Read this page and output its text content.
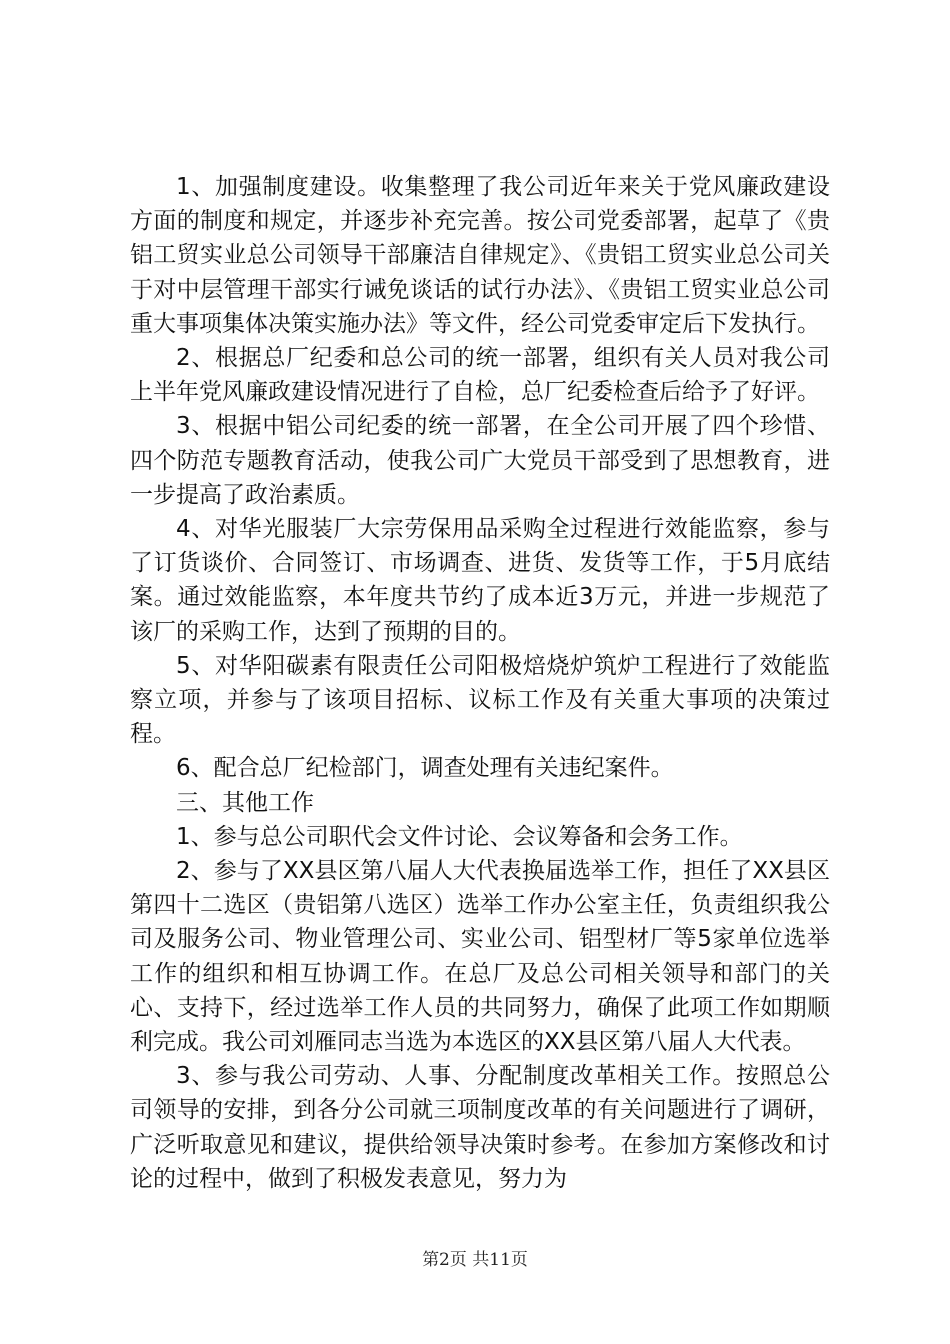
1、加强制度建设。收集整理了我公司近年来关于党风廉政建设方面的制度和规定，并逐步补充完善。按公司党委部署，起草了《贵铝工贸实业总公司领导干部廉洁自律规定》、《贵铝工贸实业总公司关于对中层管理干部实行诫免谈话的试行办法》、《贵铝工贸实业总公司重大事项集体决策实施办法》等文件，经公司党委审定后下发执行。

2、根据总厂纪委和总公司的统一部署，组织有关人员对我公司上半年党风廉政建设情况进行了自检，总厂纪委检查后给予了好评。

3、根据中铝公司纪委的统一部署，在全公司开展了四个珍惜、四个防范专题教育活动，使我公司广大党员干部受到了思想教育，进一步提高了政治素质。

4、对华光服装厂大宗劳保用品采购全过程进行效能监察，参与了订货谈价、合同签订、市场调查、进货、发货等工作，于5月底结案。通过效能监察，本年度共节约了成本近3万元，并进一步规范了该厂的采购工作，达到了预期的目的。

5、对华阳碳素有限责任公司阳极焙烧炉筑炉工程进行了效能监察立项，并参与了该项目招标、议标工作及有关重大事项的决策过程。

6、配合总厂纪检部门，调查处理有关违纪案件。

三、其他工作

1、参与总公司职代会文件讨论、会议筹备和会务工作。

2、参与了XX县区第八届人大代表换届选举工作，担任了XX县区第四十二选区（贵铝第八选区）选举工作办公室主任，负责组织我公司及服务公司、物业管理公司、实业公司、铝型材厂等5家单位选举工作的组织和相互协调工作。在总厂及总公司相关领导和部门的关心、支持下，经过选举工作人员的共同努力，确保了此项工作如期顺利完成。我公司刘雁同志当选为本选区的XX县区第八届人大代表。

3、参与我公司劳动、人事、分配制度改革相关工作。按照总公司领导的安排，到各分公司就三项制度改革的有关问题进行了调研，广泛听取意见和建议，提供给领导决策时参考。在参加方案修改和讨论的过程中，做到了积极发表意见，努力为

第2页 共11页
